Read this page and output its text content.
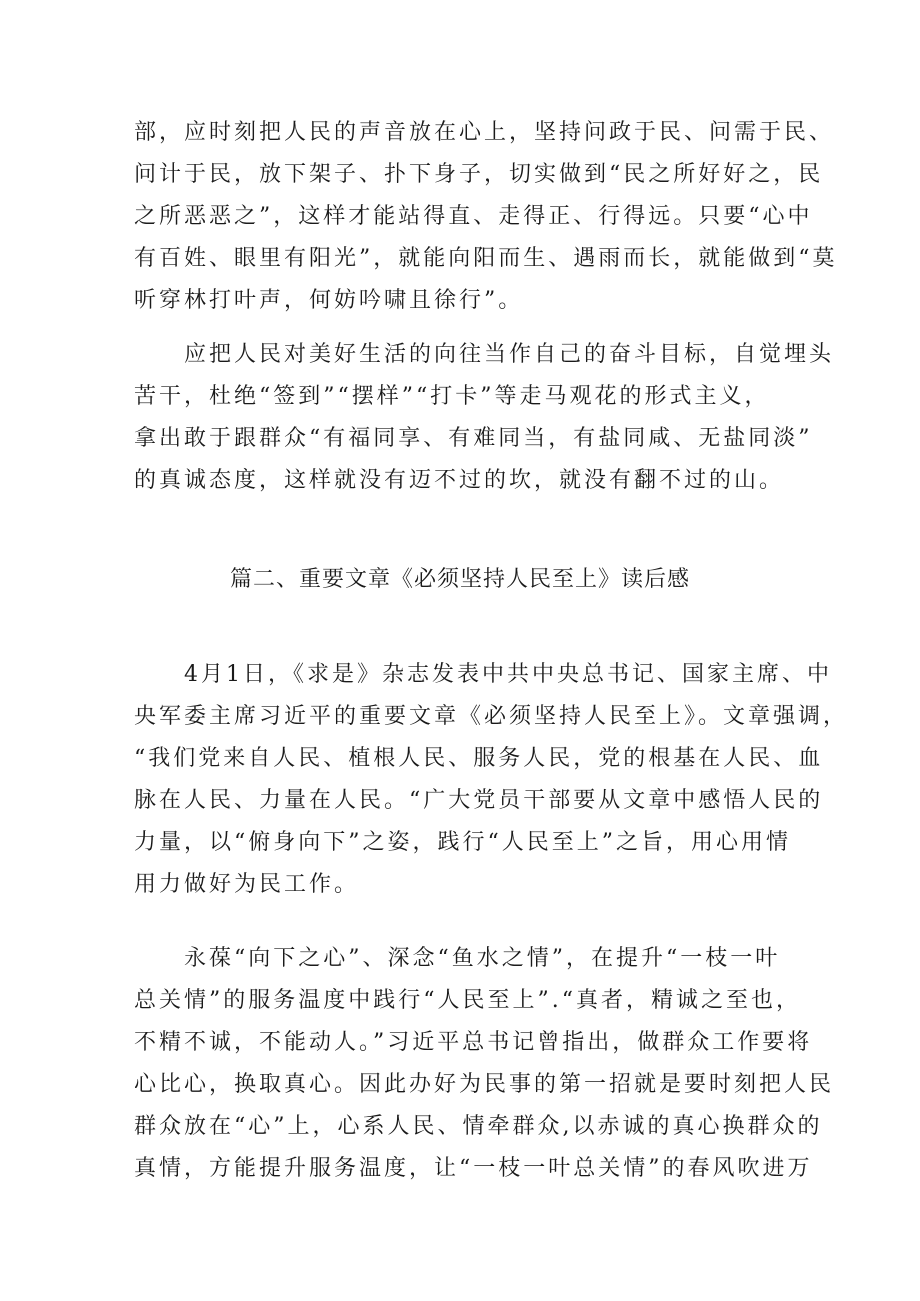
部，应时刻把人民的声音放在心上，坚持问政于民、问需于民、
问计于民，放下架子、扑下身子，切实做到“民之所好好之，民
之所恶恶之”，这样才能站得直、走得正、行得远。只要“心中
有百姓、眼里有阳光”，就能向阳而生、遇雨而长，就能做到“莫
听穿林打叶声，何妨吟啸且徐行”。
应把人民对美好生活的向往当作自己的奋斗目标，自觉埋头
苦干，杜绝“签到”“摆样”“打卡”等走马观花的形式主义，
拿出敢于跟群众“有福同享、有难同当，有盐同咸、无盐同淡”
的真诚态度，这样就没有迈不过的坎，就没有翻不过的山。
篇二、重要文章《必须坚持人民至上》读后感
4月1日，《求是》杂志发表中共中央总书记、国家主席、中
央军委主席习近平的重要文章《必须坚持人民至上》。文章强调，
“我们党来自人民、植根人民、服务人民，党的根基在人民、血
脉在人民、力量在人民。“广大党员干部要从文章中感悟人民的
力量，以“俯身向下”之姿，践行“人民至上”之旨，用心用情
用力做好为民工作。
永葆“向下之心”、深念“鱼水之情”，在提升“一枝一叶
总关情”的服务温度中践行“人民至上”.“真者，精诚之至也，
不精不诚，不能动人。”习近平总书记曾指出，做群众工作要将
心比心，换取真心。因此办好为民事的第一招就是要时刻把人民
群众放在“心”上，心系人民、情牵群众,以赤诚的真心换群众的
真情，方能提升服务温度，让“一枝一叶总关情”的春风吹进万
